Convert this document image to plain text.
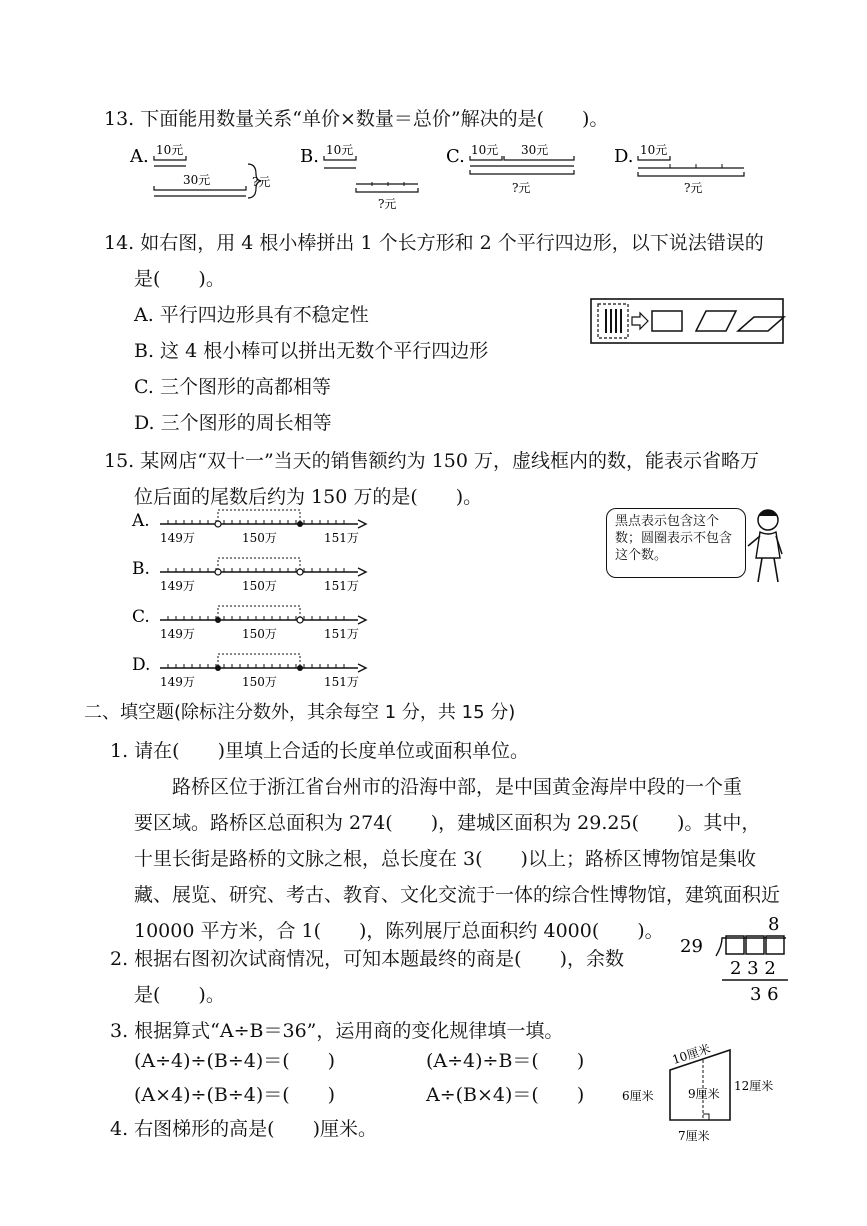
13. 下面能用数量关系“单价×数量＝总价”解决的是(　　)。
A. 10元
30元	?元
B. 10元
?元
C. 10元 30元
?元
D. 10元
?元
14. 如右图，用 4 根小棒拼出 1 个长方形和 2 个平行四边形，以下说法错误的
是(　　)。
A. 平行四边形具有不稳定性
B. 这 4 根小棒可以拼出无数个平行四边形
C. 三个图形的高都相等
D. 三个图形的周长相等
15. 某网店“双十一”当天的销售额约为 150 万，虚线框内的数，能表示省略万
位后面的尾数后约为 150 万的是(　　)。
A.
149万	150万	151万
B.
149万	150万	151万
C.
149万	150万	151万
D.
149万	150万	151万
黑点表示包含这个数；圆圈表示不包含这个数。
二、填空题(除标注分数外，其余每空 1 分，共 15 分)
1. 请在(　　)里填上合适的长度单位或面积单位。
路桥区位于浙江省台州市的沿海中部，是中国黄金海岸中段的一个重
要区域。路桥区总面积为 274(　　)，建城区面积为 29.25(　　)。其中，
十里长街是路桥的文脉之根，总长度在 3(　　)以上；路桥区博物馆是集收
藏、展览、研究、考古、教育、文化交流于一体的综合性博物馆，建筑面积近
10000 平方米，合 1(　　)，陈列展厅总面积约 4000(　　)。
2. 根据右图初次试商情况，可知本题最终的商是(　　)，余数
是(　　)。
8
29
2 3 2
3 6
3. 根据算式“A÷B＝36”，运用商的变化规律填一填。
(A÷4)÷(B÷4)＝(　　)	(A÷4)÷B＝(　　)
(A×4)÷(B÷4)＝(　　)	A÷(B×4)＝(　　)
4. 右图梯形的高是(　　)厘米。
10厘米
6厘米	9厘米
12厘米
7厘米
